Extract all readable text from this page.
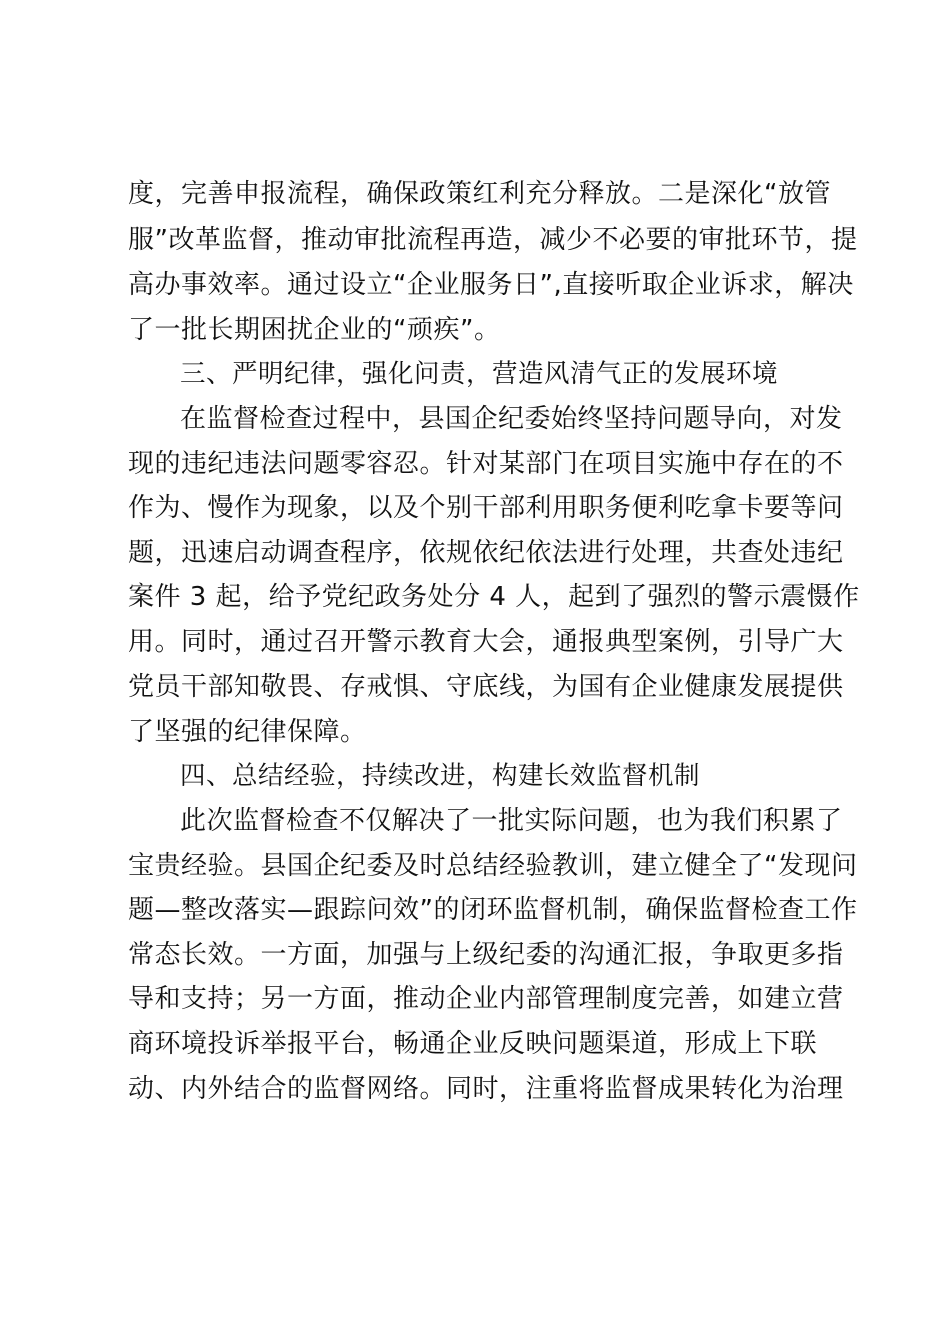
度，完善申报流程，确保政策红利充分释放。二是深化“放管
服”改革监督，推动审批流程再造，减少不必要的审批环节，提
高办事效率。通过设立“企业服务日”,直接听取企业诉求，解决
了一批长期困扰企业的“顽疾”。
三、严明纪律，强化问责，营造风清气正的发展环境
在监督检查过程中，县国企纪委始终坚持问题导向，对发
现的违纪违法问题零容忍。针对某部门在项目实施中存在的不
作为、慢作为现象，以及个别干部利用职务便利吃拿卡要等问
题，迅速启动调查程序，依规依纪依法进行处理，共查处违纪
案件 3 起，给予党纪政务处分 4 人，起到了强烈的警示震慑作
用。同时，通过召开警示教育大会，通报典型案例，引导广大
党员干部知敬畏、存戒惧、守底线，为国有企业健康发展提供
了坚强的纪律保障。
四、总结经验，持续改进，构建长效监督机制
此次监督检查不仅解决了一批实际问题，也为我们积累了
宝贵经验。县国企纪委及时总结经验教训，建立健全了“发现问
题—整改落实—跟踪问效”的闭环监督机制，确保监督检查工作
常态长效。一方面，加强与上级纪委的沟通汇报，争取更多指
导和支持；另一方面，推动企业内部管理制度完善，如建立营
商环境投诉举报平台，畅通企业反映问题渠道，形成上下联
动、内外结合的监督网络。同时，注重将监督成果转化为治理
